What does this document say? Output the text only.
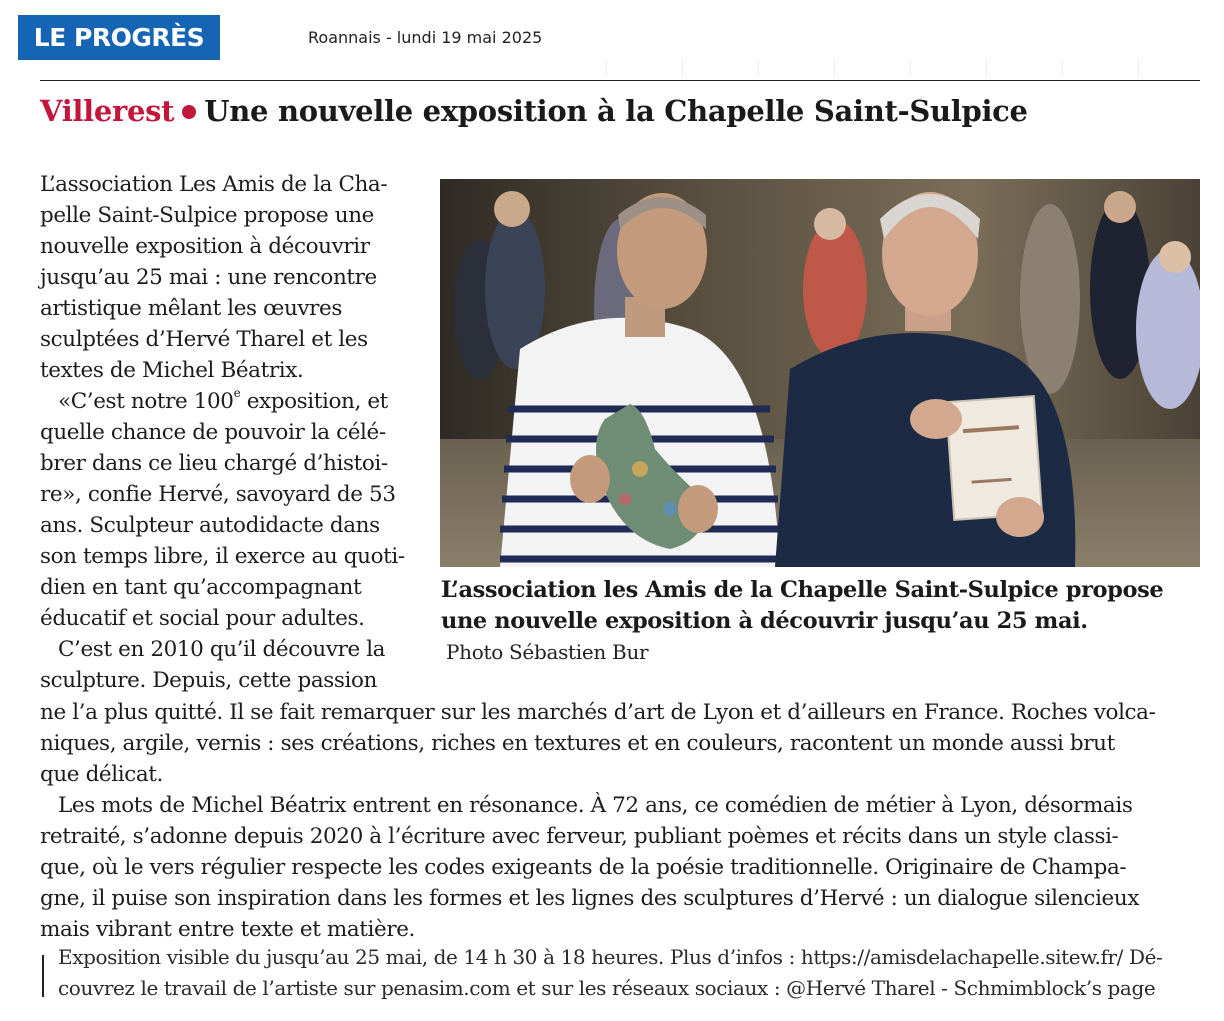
LE PROGRÈS	Roannais - lundi 19 mai 2025
Villerest Une nouvelle exposition à la Chapelle Saint-Sulpice
L’association Les Amis de la Cha-
pelle Saint-Sulpice propose une
nouvelle exposition à découvrir
jusqu’au 25 mai : une rencontre
artistique mêlant les œuvres
sculptées d’Hervé Tharel et les
textes de Michel Béatrix.
«C’est notre 100e exposition, et
quelle chance de pouvoir la célé-
brer dans ce lieu chargé d’histoi-
re», confie Hervé, savoyard de 53
ans. Sculpteur autodidacte dans
son temps libre, il exerce au quoti-
dien en tant qu’accompagnant
éducatif et social pour adultes.
C’est en 2010 qu’il découvre la
sculpture. Depuis, cette passion
ne l’a plus quitté. Il se fait remarquer sur les marchés d’art de Lyon et d’ailleurs en France. Roches volca-
niques, argile, vernis : ses créations, riches en textures et en couleurs, racontent un monde aussi brut
que délicat.
Les mots de Michel Béatrix entrent en résonance. À 72 ans, ce comédien de métier à Lyon, désormais
retraité, s’adonne depuis 2020 à l’écriture avec ferveur, publiant poèmes et récits dans un style classi-
que, où le vers régulier respecte les codes exigeants de la poésie traditionnelle. Originaire de Champa-
gne, il puise son inspiration dans les formes et les lignes des sculptures d’Hervé : un dialogue silencieux
mais vibrant entre texte et matière.
L’association les Amis de la Chapelle Saint-Sulpice propose
une nouvelle exposition à découvrir jusqu’au 25 mai.
Photo Sébastien Bur
Exposition visible du jusqu’au 25 mai, de 14 h 30 à 18 heures. Plus d’infos : https://amisdelachapelle.sitew.fr/ Dé-
couvrez le travail de l’artiste sur penasim.com et sur les réseaux sociaux : @Hervé Tharel - Schmimblock’s page
